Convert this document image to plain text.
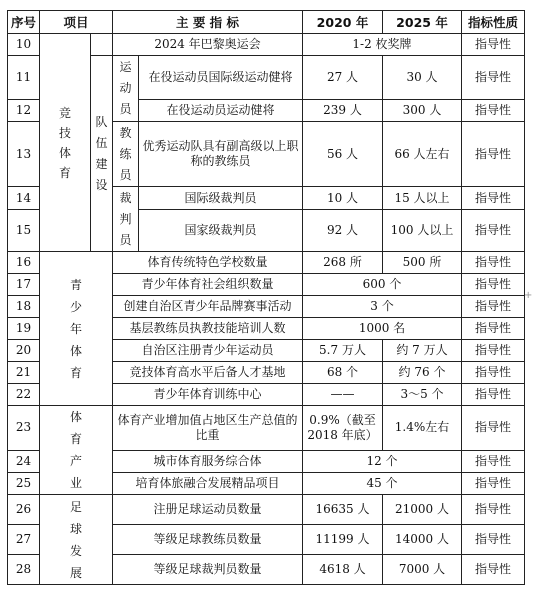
序号	项目		主 要 指 标		2020 年	2025 年	指标性质
10	竞技体育		2024 年巴黎奥运会		1-2 枚奖牌		指导性
11		队伍建设	运动员	在役运动员国际级运动健将	27 人	30 人	指导性
12				在役运动员运动健将	239 人	300 人	指导性
13			教练员	优秀运动队具有副高级以上职称的教练员	56 人	66 人左右	指导性
14			裁判员	国际级裁判员	10 人	15 人以上	指导性
15				国家级裁判员	92 人	100 人以上	指导性
16	青少年体育		体育传统特色学校数量		268 所	500 所	指导性
17			青少年体育社会组织数量		600 个		指导性
18			创建自治区青少年品牌赛事活动		3 个		指导性
19			基层教练员执教技能培训人数		1000 名		指导性
20			自治区注册青少年运动员		5.7 万人	约 7 万人	指导性
21			竞技体育高水平后备人才基地		68 个	约 76 个	指导性
22			青少年体育训练中心		——	3～5 个	指导性
23	体育产业		体育产业增加值占地区生产总值的比重		0.9%（截至2018 年底）	1.4%左右	指导性
24			城市体育服务综合体		12 个		指导性
25			培育体旅融合发展精品项目		45 个		指导性
26	足球发展		注册足球运动员数量		16635 人	21000 人	指导性
27			等级足球教练员数量		11199 人	14000 人	指导性
28			等级足球裁判员数量		4618 人	7000 人	指导性
+
